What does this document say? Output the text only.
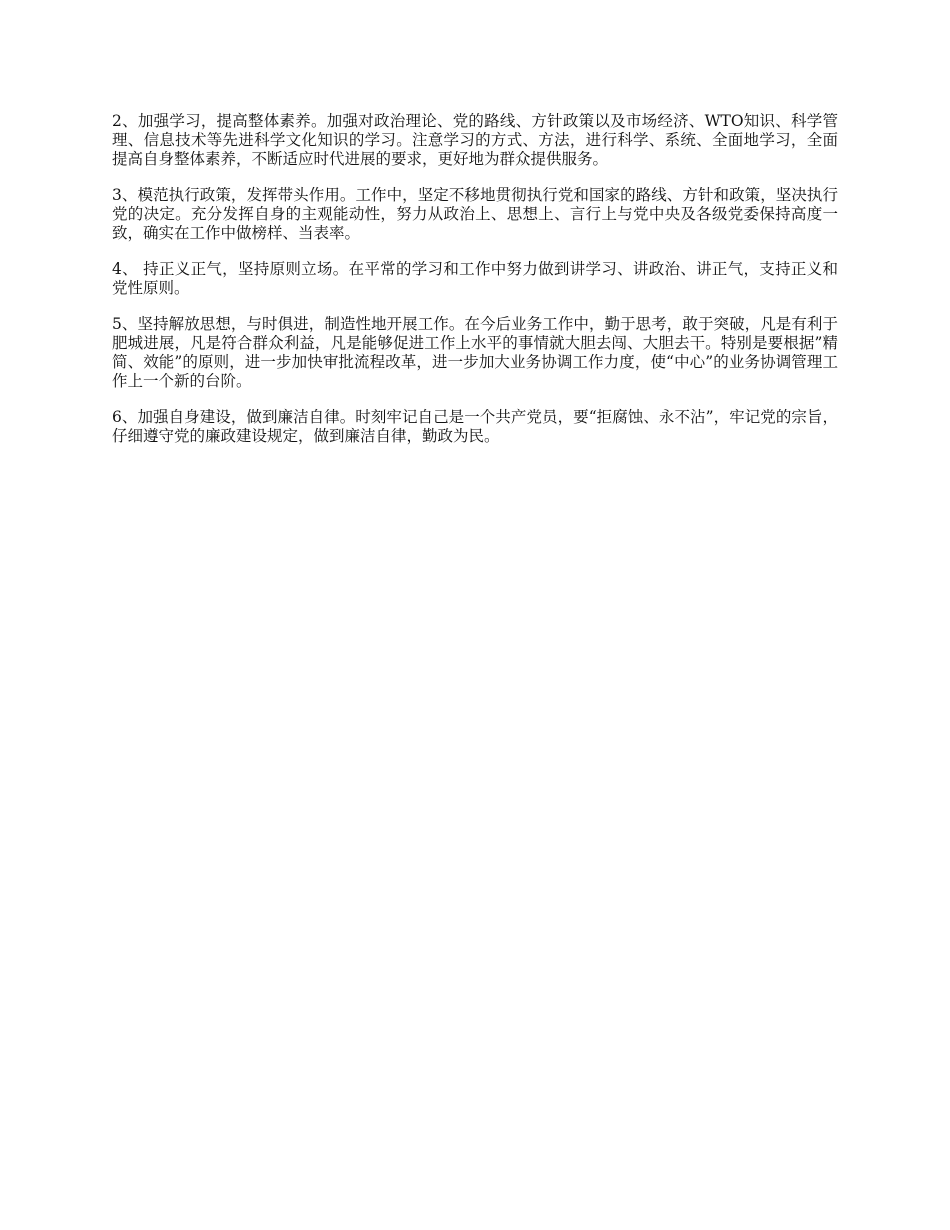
2、加强学习，提高整体素养。加强对政治理论、党的路线、方针政策以及市场经济、WTO知识、科学管理、信息技术等先进科学文化知识的学习。注意学习的方式、方法，进行科学、系统、全面地学习，全面提高自身整体素养，不断适应时代进展的要求，更好地为群众提供服务。

3、模范执行政策，发挥带头作用。工作中，坚定不移地贯彻执行党和国家的路线、方针和政策，坚决执行党的决定。充分发挥自身的主观能动性，努力从政治上、思想上、言行上与党中央及各级党委保持高度一致，确实在工作中做榜样、当表率。

4、 持正义正气，坚持原则立场。在平常的学习和工作中努力做到讲学习、讲政治、讲正气，支持正义和党性原则。

5、坚持解放思想，与时俱进，制造性地开展工作。在今后业务工作中，勤于思考，敢于突破，凡是有利于肥城进展，凡是符合群众利益，凡是能够促进工作上水平的事情就大胆去闯、大胆去干。特别是要根据”精简、效能”的原则，进一步加快审批流程改革，进一步加大业务协调工作力度，使“中心”的业务协调管理工作上一个新的台阶。

6、加强自身建设，做到廉洁自律。时刻牢记自己是一个共产党员，要“拒腐蚀、永不沾”，牢记党的宗旨，仔细遵守党的廉政建设规定，做到廉洁自律，勤政为民。
